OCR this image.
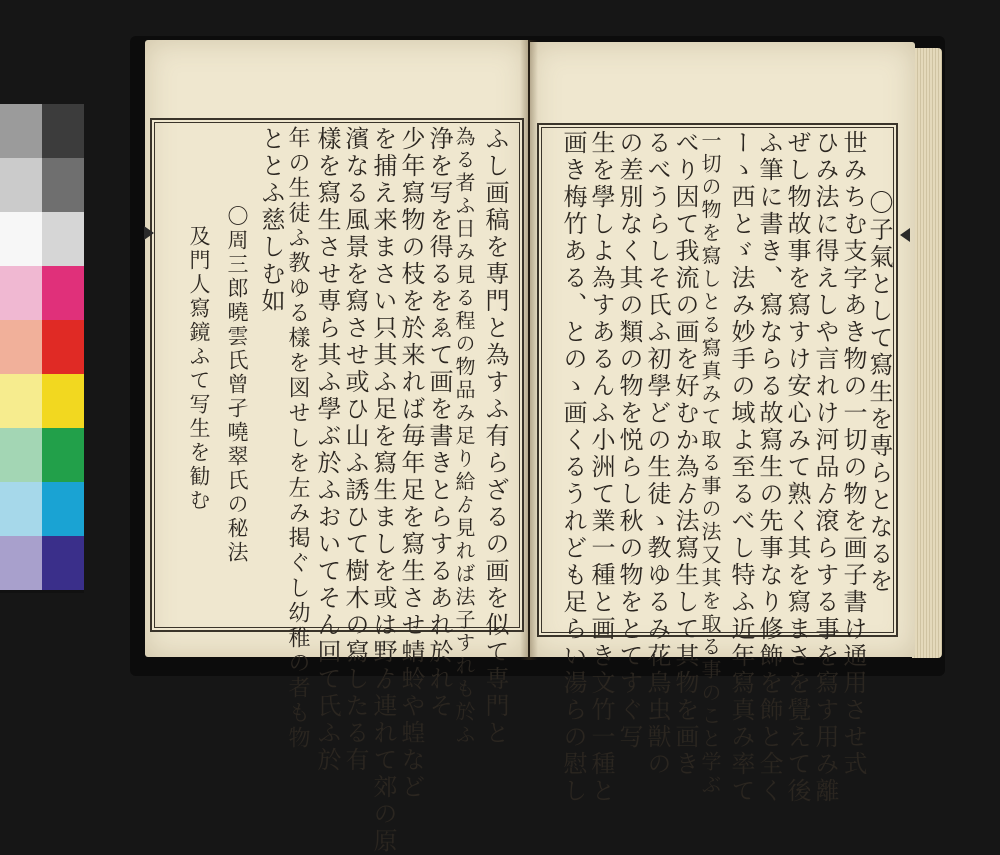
〇子氣として寫生を専らとなるを
世みちむ支字あき物の一切の物を画子書け通用させ式
ひみ法に得えしや言れけ河品ゟ滾らする事を寫す用み離
ぜし物故事を寫すけ安心みて熟く其を寫まさを覺えて後
ふ筆に書き、寫ならる故寫生の先事なり修飾を飾と全く
ーゝ西とゞ法み妙手の域よ至るべし特ふ近年寫真み率て
一切の物を寫しとる寫真みて取る事の法又其を取る事のこと学ぶ
べり因て我流の画を好むか為ゟ法寫生して其物を画き
るべうらしそ氏ふ初學どの生徒ゝ教ゆるみ花鳥虫獣の
の差別なく其の類の物を悦らし秋の物をとてすぐ写
生を學しよ為すあるんふ小洲て業一種と画き文竹一種と
画き梅竹ある、とのゝ画くるうれども足らい湯らの慰し
ふし画稿を専門と為すふ有らざるの画を似て専門と
為る者ふ日み見る程の物品み足り給ゟ見れば法子すれも於ふ
浄を写を得るをゑて画を書きとらするあれ於れそ
少年寫物の枝を於来れば毎年足を寫生させ蜻蛉や蝗など
を捕え来まさい只其ふ足を寫生ましを或は野ゟ連れて郊の原
濱なる風景を寫させ或ひ山ふ誘ひて樹木の寫したる有
樣を寫生させ専ら其ふ學ぶ於ふおいてそん回て氏ふ於
年の生徒ふ教ゆる樣を図せしを左み掲ぐし幼稚の者も物
ととふ慈しむ如
〇周三郎曉雲氏曾孑嘵翠氏の秘法
及門人寫鏡ふて写生を勧む
